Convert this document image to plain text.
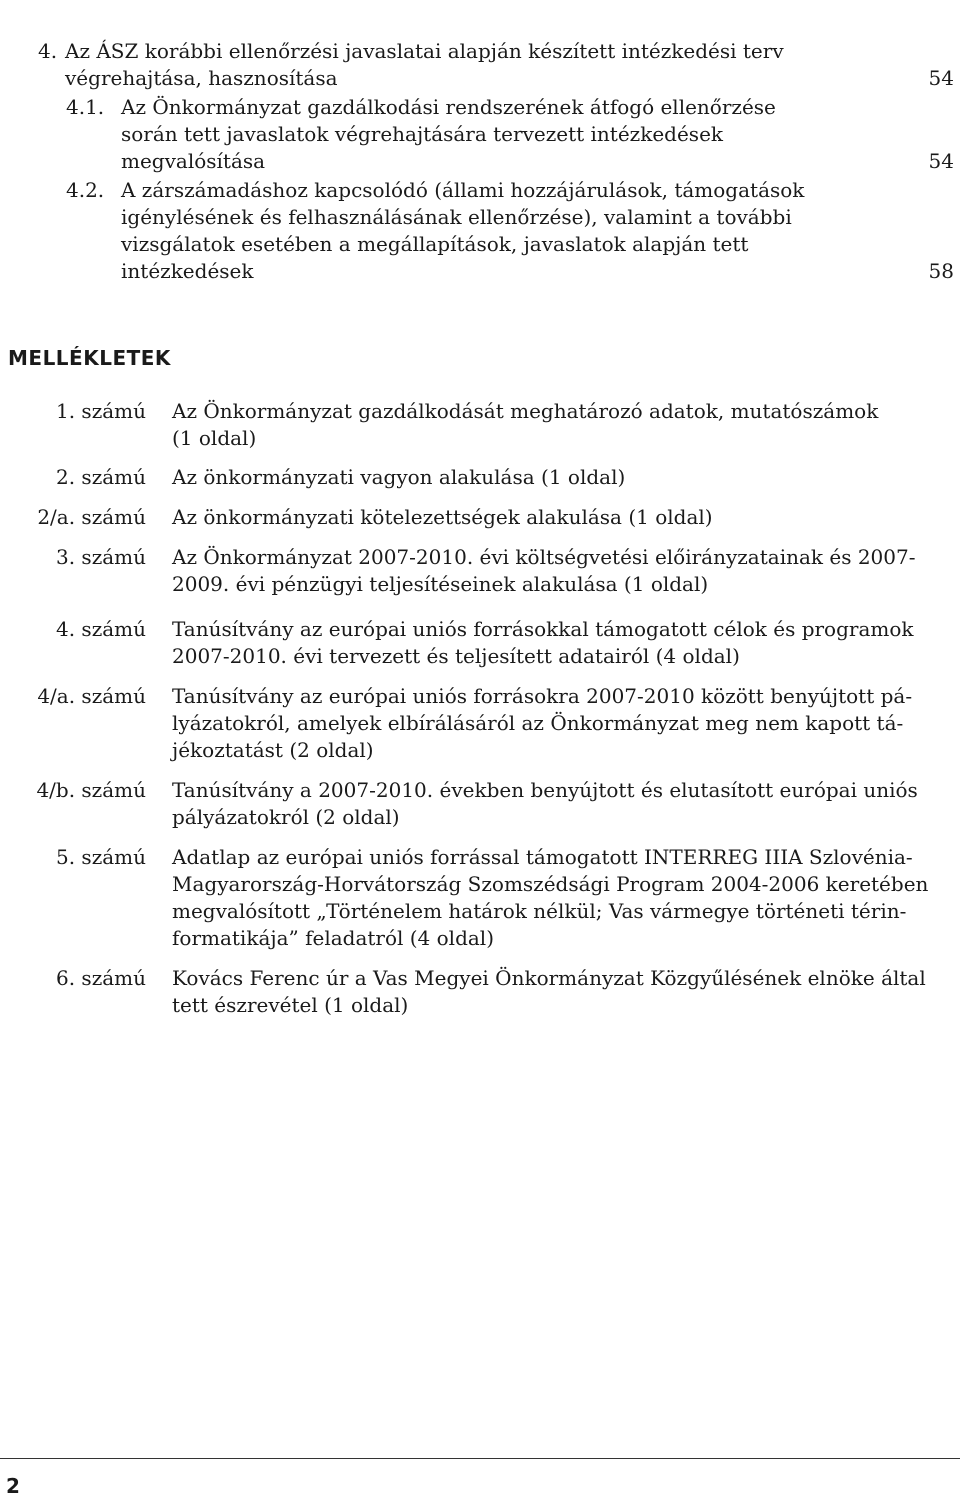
4. Az ÁSZ korábbi ellenőrzési javaslatai alapján készített intézkedési terv
végrehajtása, hasznosítása	54
4.1. Az Önkormányzat gazdálkodási rendszerének átfogó ellenőrzése
során tett javaslatok végrehajtására tervezett intézkedések
megvalósítása	54
4.2. A zárszámadáshoz kapcsolódó (állami hozzájárulások, támogatások
igénylésének és felhasználásának ellenőrzése), valamint a további
vizsgálatok esetében a megállapítások, javaslatok alapján tett
intézkedések	58
MELLÉKLETEK
1. számú Az Önkormányzat gazdálkodását meghatározó adatok, mutatószámok
(1 oldal)
2. számú Az önkormányzati vagyon alakulása (1 oldal)
2/a. számú Az önkormányzati kötelezettségek alakulása (1 oldal)
3. számú Az Önkormányzat 2007-2010. évi költségvetési előirányzatainak és 2007-
2009. évi pénzügyi teljesítéseinek alakulása (1 oldal)
4. számú Tanúsítvány az európai uniós forrásokkal támogatott célok és programok
2007-2010. évi tervezett és teljesített adatairól (4 oldal)
4/a. számú Tanúsítvány az európai uniós forrásokra 2007-2010 között benyújtott pá-
lyázatokról, amelyek elbírálásáról az Önkormányzat meg nem kapott tá-
jékoztatást (2 oldal)
4/b. számú Tanúsítvány a 2007-2010. években benyújtott és elutasított európai uniós
pályázatokról (2 oldal)
5. számú Adatlap az európai uniós forrással támogatott INTERREG IIIA Szlovénia-
Magyarország-Horvátország Szomszédsági Program 2004-2006 keretében
megvalósított „Történelem határok nélkül; Vas vármegye történeti térin-
formatikája” feladatról (4 oldal)
6. számú Kovács Ferenc úr a Vas Megyei Önkormányzat Közgyűlésének elnöke által
tett észrevétel (1 oldal)
2
